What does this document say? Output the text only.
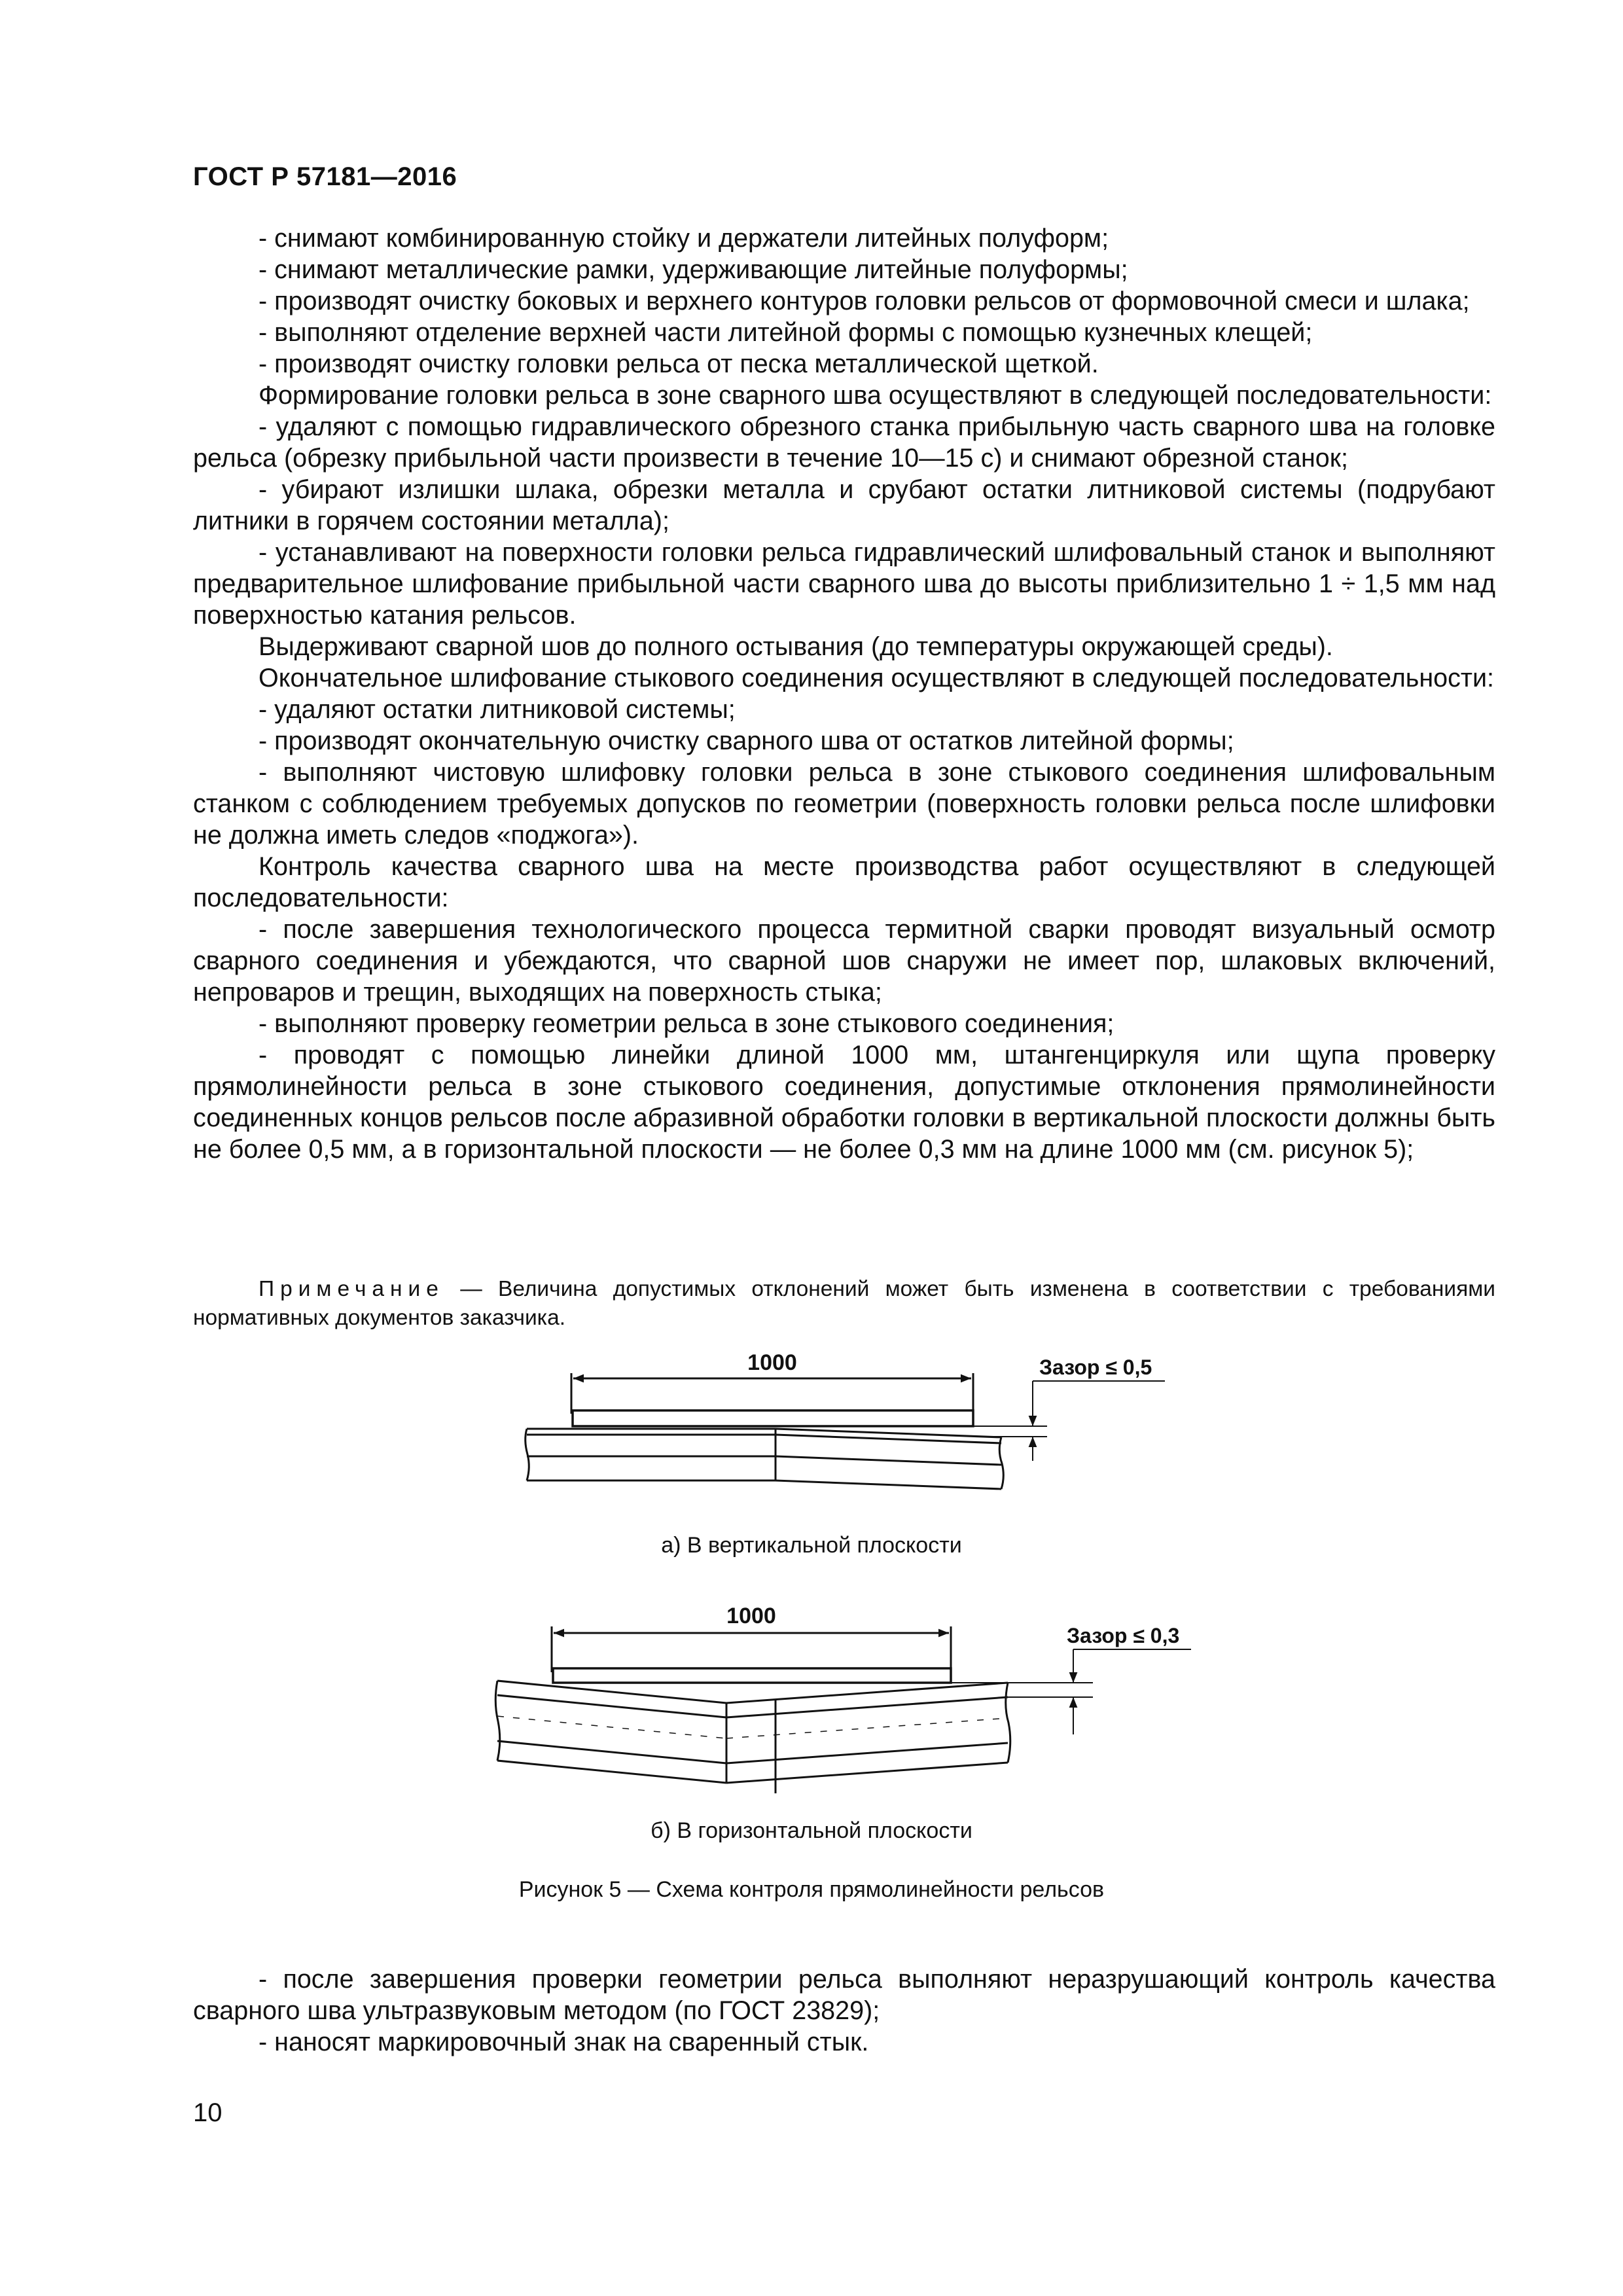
ГОСТ Р 57181—2016

- снимают комбинированную стойку и держатели литейных полуформ;

- снимают металлические рамки, удерживающие литейные полуформы;

- производят очистку боковых и верхнего контуров головки рельсов от формовочной смеси и шлака;

- выполняют отделение верхней части литейной формы с помощью кузнечных клещей;

- производят очистку головки рельса от песка металлической щеткой.

Формирование головки рельса в зоне сварного шва осуществляют в следующей последовательности:

- удаляют с помощью гидравлического обрезного станка прибыльную часть сварного шва на головке рельса (обрезку прибыльной части произвести в течение 10—15 с) и снимают обрезной станок;

- убирают излишки шлака, обрезки металла и срубают остатки литниковой системы (подрубают литники в горячем состоянии металла);

- устанавливают на поверхности головки рельса гидравлический шлифовальный станок и выполняют предварительное шлифование прибыльной части сварного шва до высоты приблизительно 1 ÷ 1,5 мм над поверхностью катания рельсов.

Выдерживают сварной шов до полного остывания (до температуры окружающей среды).

Окончательное шлифование стыкового соединения осуществляют в следующей последовательности:

- удаляют остатки литниковой системы;

- производят окончательную очистку сварного шва от остатков литейной формы;

- выполняют чистовую шлифовку головки рельса в зоне стыкового соединения шлифовальным станком с соблюдением требуемых допусков по геометрии (поверхность головки рельса после шлифовки не должна иметь следов «поджога»).

Контроль качества сварного шва на месте производства работ осуществляют в следующей последовательности:

- после завершения технологического процесса термитной сварки проводят визуальный осмотр сварного соединения и убеждаются, что сварной шов снаружи не имеет пор, шлаковых включений, непроваров и трещин, выходящих на поверхность стыка;

- выполняют проверку геометрии рельса в зоне стыкового соединения;

- проводят с помощью линейки длиной 1000 мм, штангенциркуля или щупа проверку прямолинейности рельса в зоне стыкового соединения, допустимые отклонения прямолинейности соединенных концов рельсов после абразивной обработки головки в вертикальной плоскости должны быть не более 0,5 мм, а в горизонтальной плоскости — не более 0,3 мм на длине 1000 мм (см. рисунок 5);

Примечание — Величина допустимых отклонений может быть изменена в соответствии с требованиями нормативных документов заказчика.
1000	Зазор ≤ 0,5
1000
Зазор ≤ 0,3
а) В вертикальной плоскости
б) В горизонтальной плоскости
Рисунок 5 — Схема контроля прямолинейности рельсов

- после завершения проверки геометрии рельса выполняют неразрушающий контроль качества сварного шва ультразвуковым методом (по ГОСТ 23829);

- наносят маркировочный знак на сваренный стык.

10
